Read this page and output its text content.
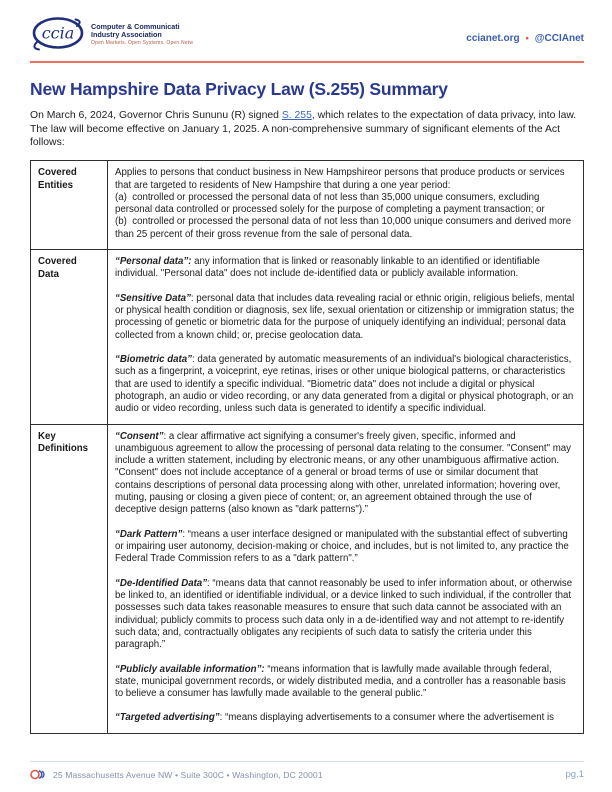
ccia Computer & Communicati
Industry Association
Open Markets. Open Systems. Open Netw	ccianet.org • @CCIAnet
New Hampshire Data Privacy Law (S.255) Summary

On March 6, 2024, Governor Chris Sununu (R) signed S. 255, which relates to the expectation of data privacy, into law. The law will become effective on January 1, 2025. A non-comprehensive summary of significant elements of the Act follows:

Covered Entities	Applies to persons that conduct business in New Hampshireor persons that produce products or services that are targeted to residents of New Hampshire that during a one year period:

(a)  controlled or processed the personal data of not less than 35,000 unique consumers, excluding personal data controlled or processed solely for the purpose of completing a payment transaction; or

(b)  controlled or processed the personal data of not less than 10,000 unique consumers and derived more than 25 percent of their gross revenue from the sale of personal data.

Covered Data	“Personal data”: any information that is linked or reasonably linkable to an identified or identifiable individual. "Personal data" does not include de-identified data or publicly available information.

“Sensitive Data”: personal data that includes data revealing racial or ethnic origin, religious beliefs, mental or physical health condition or diagnosis, sex life, sexual orientation or citizenship or immigration status; the processing of genetic or biometric data for the purpose of uniquely identifying an individual; personal data collected from a known child; or, precise geolocation data.

“Biometric data”: data generated by automatic measurements of an individual's biological characteristics, such as a fingerprint, a voiceprint, eye retinas, irises or other unique biological patterns, or characteristics that are used to identify a specific individual. "Biometric data" does not include a digital or physical photograph, an audio or video recording, or any data generated from a digital or physical photograph, or an audio or video recording, unless such data is generated to identify a specific individual.

Key Definitions	“Consent”: a clear affirmative act signifying a consumer's freely given, specific, informed and unambiguous agreement to allow the processing of personal data relating to the consumer. "Consent" may include a written statement, including by electronic means, or any other unambiguous affirmative action. "Consent" does not include acceptance of a general or broad terms of use or similar document that contains descriptions of personal data processing along with other, unrelated information; hovering over, muting, pausing or closing a given piece of content; or, an agreement obtained through the use of deceptive design patterns (also known as "dark patterns").”

“Dark Pattern”: “means a user interface designed or manipulated with the substantial effect of subverting or impairing user autonomy, decision-making or choice, and includes, but is not limited to, any practice the Federal Trade Commission refers to as a "dark pattern".”

“De-Identified Data”: “means data that cannot reasonably be used to infer information about, or otherwise be linked to, an identified or identifiable individual, or a device linked to such individual, if the controller that possesses such data takes reasonable measures to ensure that such data cannot be associated with an individual; publicly commits to process such data only in a de-identified way and not attempt to re-identify such data; and, contractually obligates any recipients of such data to satisfy the criteria under this paragraph.”

“Publicly available information”: “means information that is lawfully made available through federal, state, municipal government records, or widely distributed media, and a controller has a reasonable basis to believe a consumer has lawfully made available to the general public.”

“Targeted advertising”: “means displaying advertisements to a consumer where the advertisement is

25 Massachusetts Avenue NW • Suite 300C • Washington, DC 20001	pg.1
